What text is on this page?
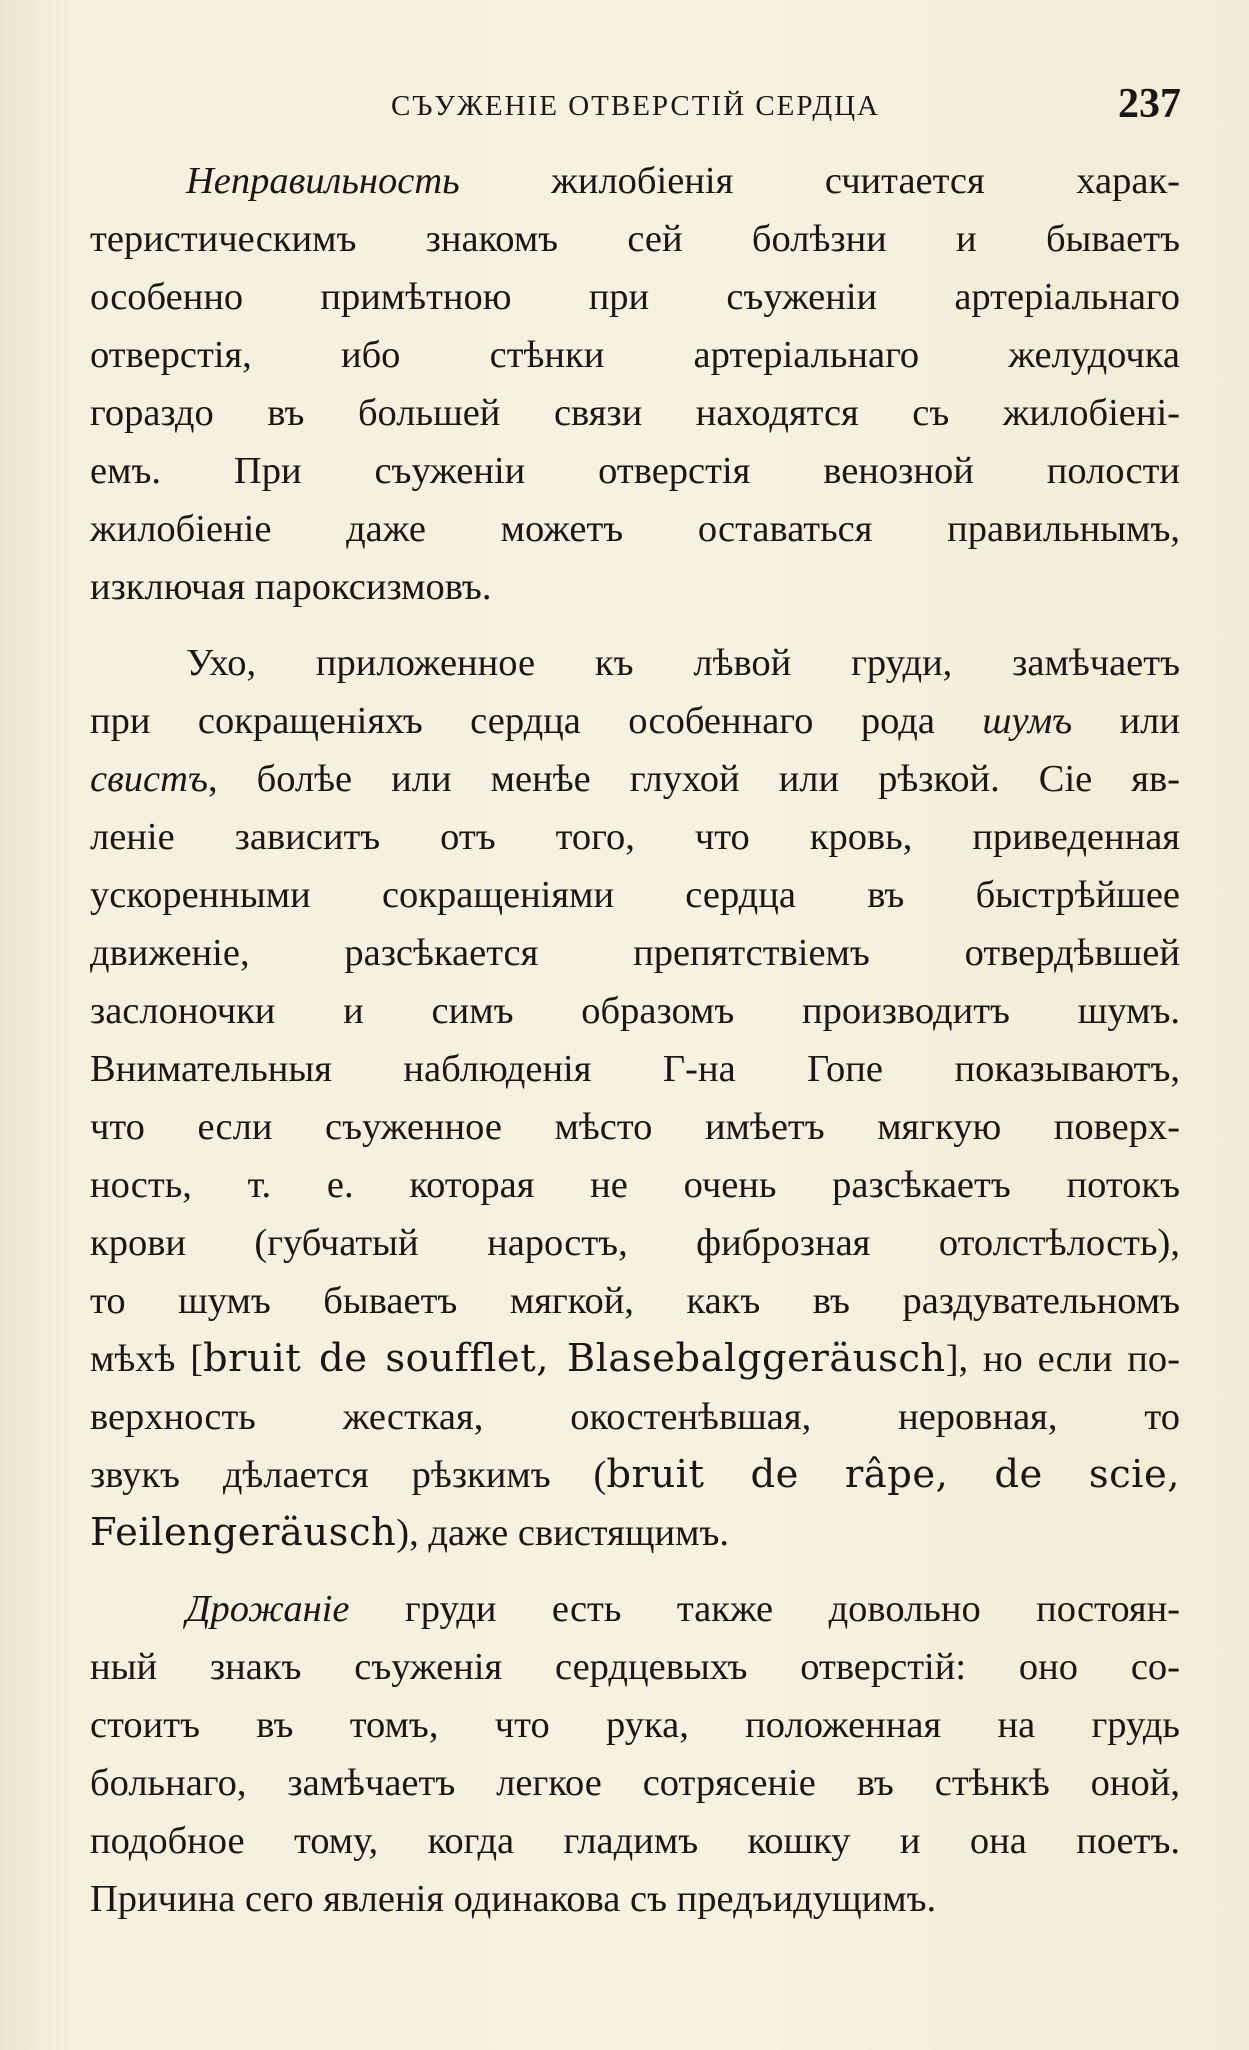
СЪУЖЕНІЕ ОТВЕРСТІЙ СЕРДЦА	237
Неправильность жилобіенія считается харак-
теристическимъ знакомъ сей болѣзни и бываетъ
особенно примѣтною при съуженіи артеріальнаго
отверстія, ибо стѣнки артеріальнаго желудочка
гораздо въ большей связи находятся съ жилобіені-
емъ. При съуженіи отверстія венозной полости
жилобіеніе даже можетъ оставаться правильнымъ,
изключая пароксизмовъ.
Ухо, приложенное къ лѣвой груди, замѣчаетъ
при сокращеніяхъ сердца особеннаго рода шумъ или
свистъ, болѣе или менѣе глухой или рѣзкой. Сіе яв-
леніе зависитъ отъ того, что кровь, приведенная
ускоренными сокращеніями сердца въ быстрѣйшее
движеніе, разсѣкается препятствіемъ отвердѣвшей
заслоночки и симъ образомъ производитъ шумъ.
Внимательныя наблюденія Г-на Гопе показываютъ,
что если съуженное мѣсто имѣетъ мягкую поверх-
ность, т. е. которая не очень разсѣкаетъ потокъ
крови (губчатый наростъ, фиброзная отолстѣлость),
то шумъ бываетъ мягкой, какъ въ раздувательномъ
мѣхѣ [bruit de soufflet, Blasebalggeräusch], но если по-
верхность жесткая, окостенѣвшая, неровная, то
звукъ дѣлается рѣзкимъ (bruit de râpe, de scie,
Feilengeräusch), даже свистящимъ.
Дрожаніе груди есть также довольно постоян-
ный знакъ съуженія сердцевыхъ отверстій: оно со-
стоитъ въ томъ, что рука, положенная на грудь
больнаго, замѣчаетъ легкое сотрясеніе въ стѣнкѣ оной,
подобное тому, когда гладимъ кошку и она поетъ.
Причина сего явленія одинакова съ предъидущимъ.
